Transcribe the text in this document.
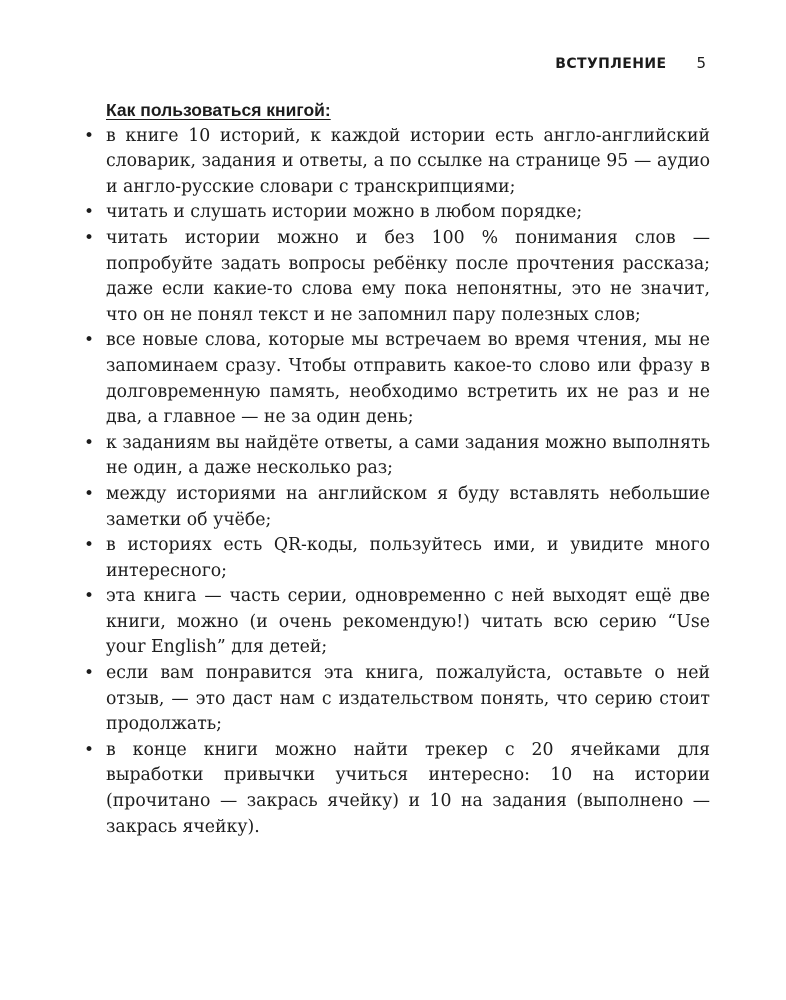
ВСТУПЛЕНИЕ 5

Как пользоваться книгой:

• в книге 10 историй, к каждой истории есть англо-английский словарик, задания и ответы, а по ссылке на странице 95 — аудио и англо-русские словари с транскрипциями;
• читать и слушать истории можно в любом порядке;
• читать истории можно и без 100 % понимания слов — попробуйте задать вопросы ребёнку после прочтения рассказа; даже если какие-то слова ему пока непонятны, это не значит, что он не понял текст и не запомнил пару полезных слов;
• все новые слова, которые мы встречаем во время чтения, мы не запоминаем сразу. Чтобы отправить какое-то слово или фразу в долговременную память, необходимо встретить их не раз и не два, а главное — не за один день;
• к заданиям вы найдёте ответы, а сами задания можно выполнять не один, а даже несколько раз;
• между историями на английском я буду вставлять небольшие заметки об учёбе;
• в историях есть QR-коды, пользуйтесь ими, и увидите много интересного;
• эта книга — часть серии, одновременно с ней выходят ещё две книги, можно (и очень рекомендую!) читать всю серию “Use your English” для детей;
• если вам понравится эта книга, пожалуйста, оставьте о ней отзыв, — это даст нам с издательством понять, что серию стоит продолжать;
• в конце книги можно найти трекер с 20 ячейками для выработки привычки учиться интересно: 10 на истории (прочитано — закрась ячейку) и 10 на задания (выполнено — закрась ячейку).
